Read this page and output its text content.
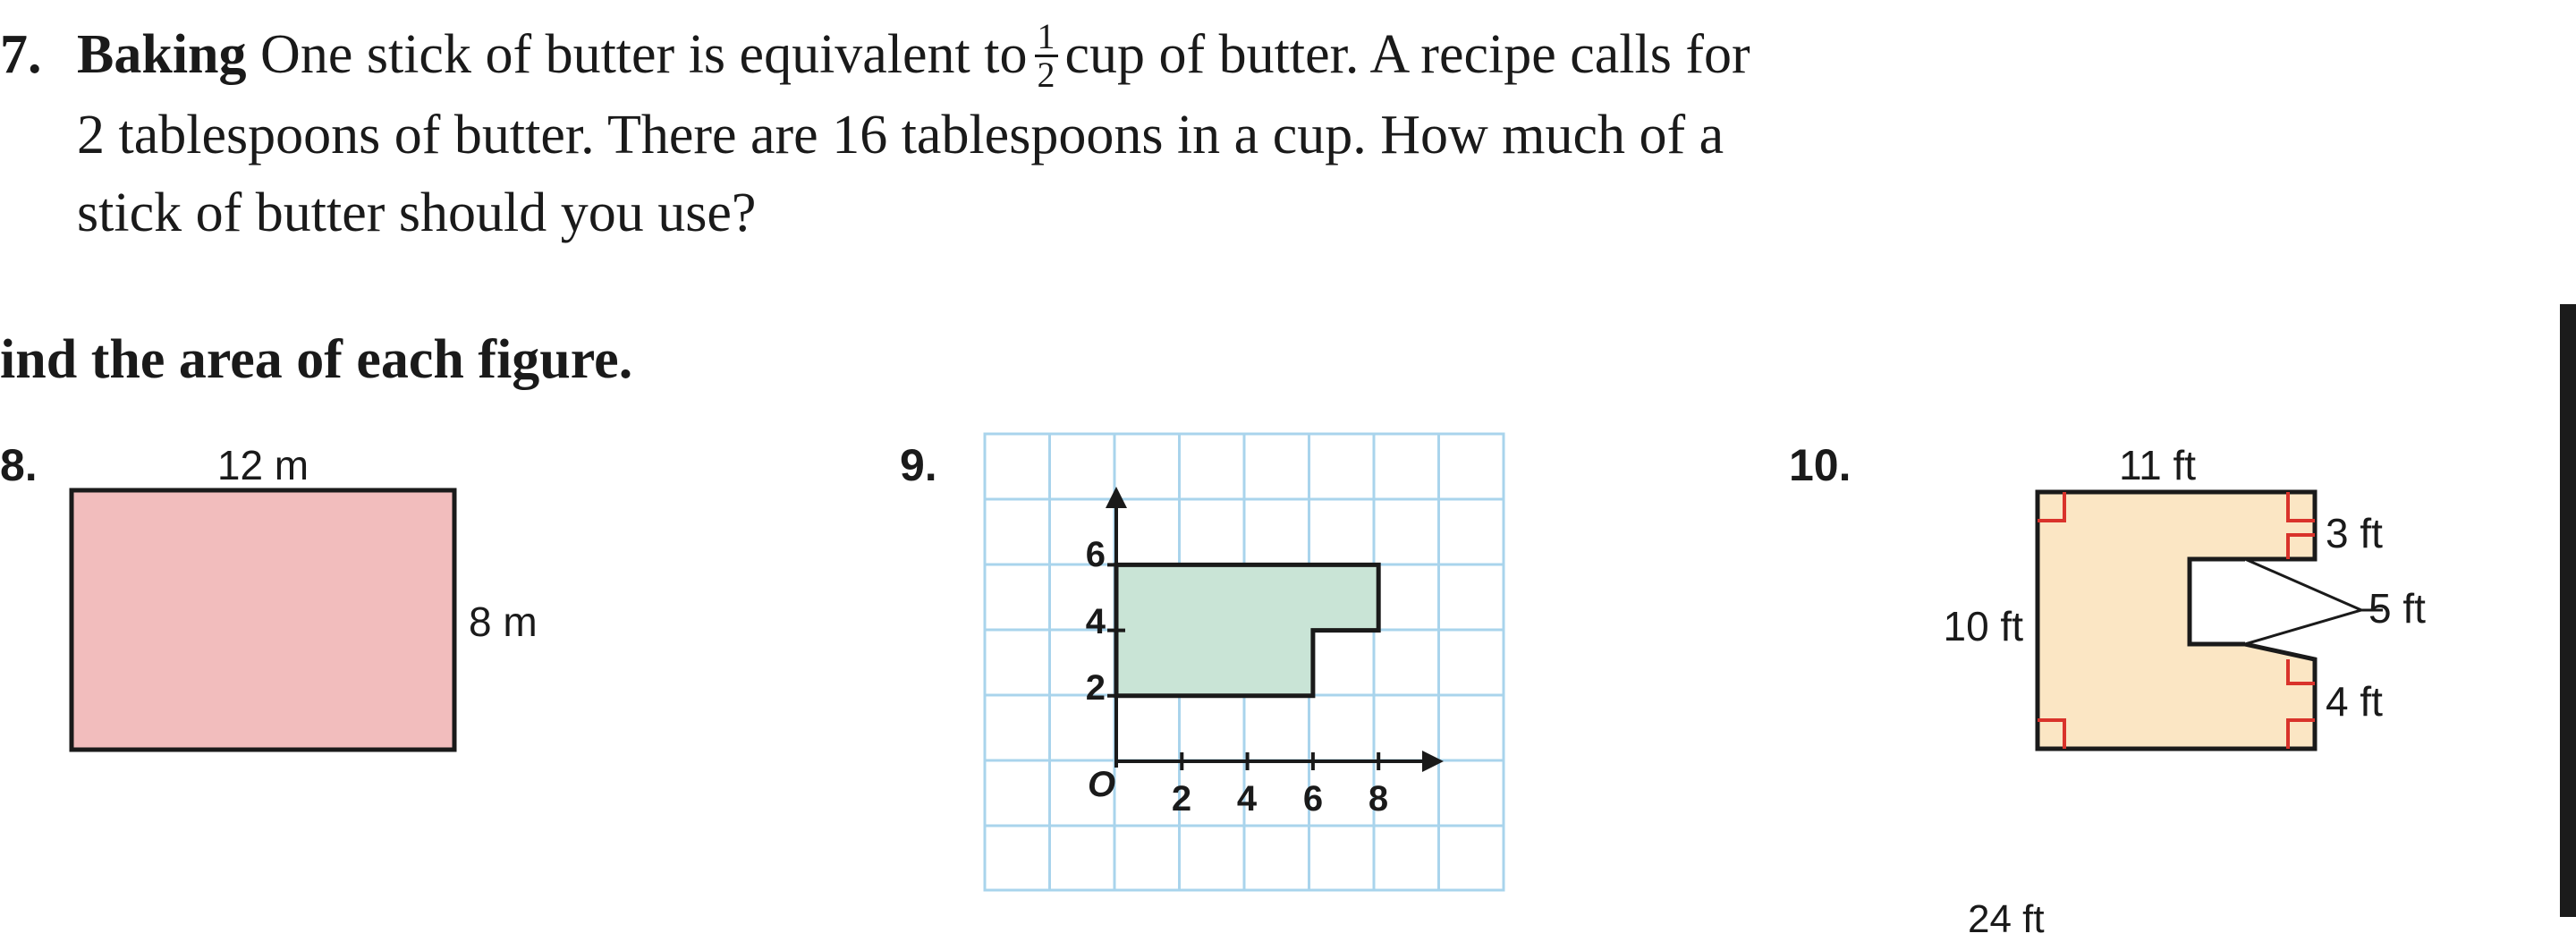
7. Baking One stick of butter is equivalent to $\frac{1}{2}$ cup of butter. A recipe calls for
2 tablespoons of butter. There are 16 tablespoons in a cup. How much of a
stick of butter should you use?
ind the area of each figure.
8.	12 m
8 m
9.
O
6
4
2
2 4 6 8
10.	11 ft
10 ft
3 ft
5 ft
4 ft
24 ft
